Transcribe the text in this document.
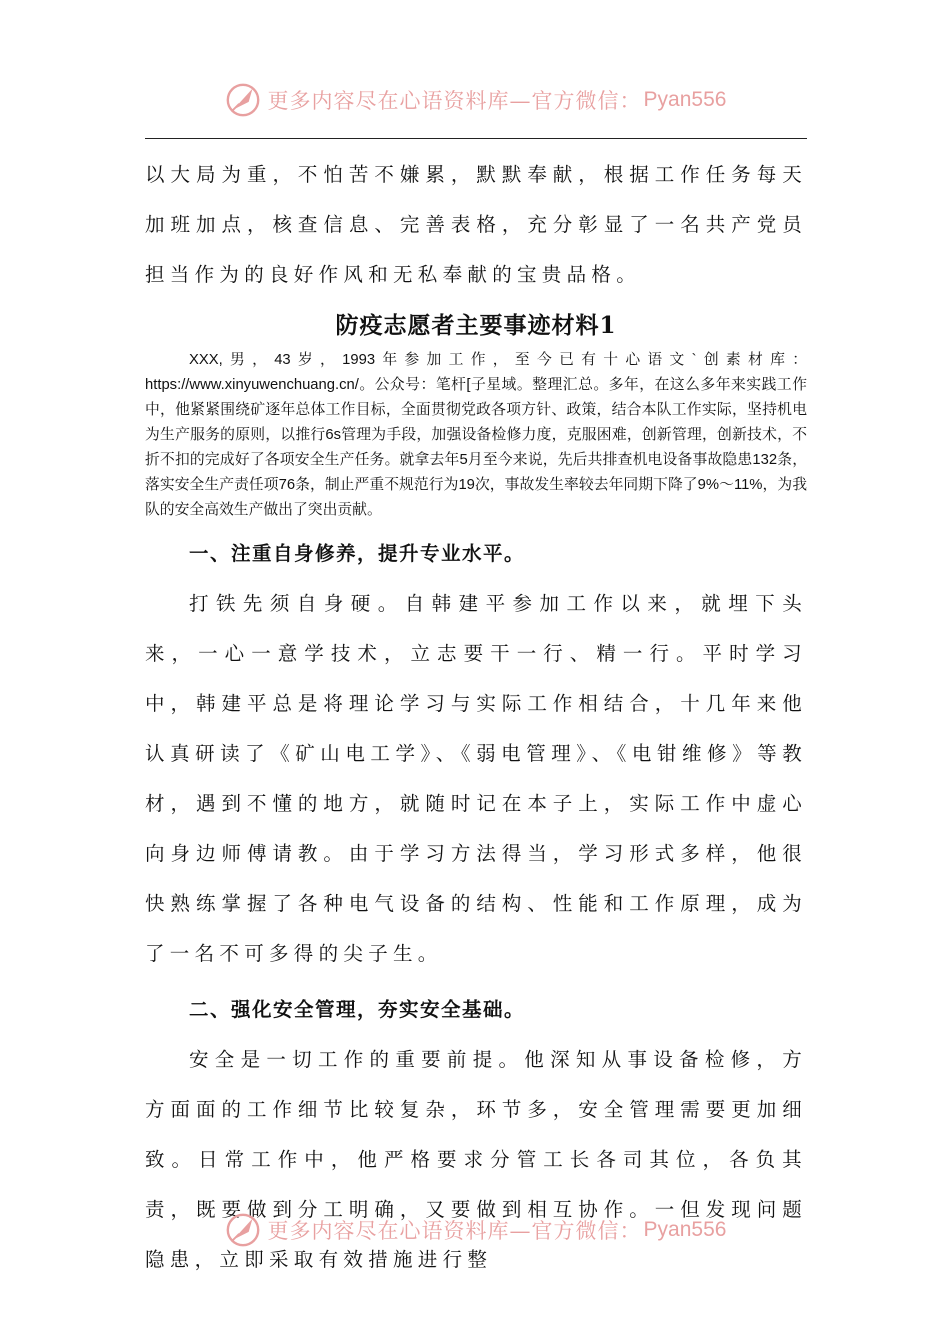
更多内容尽在心语资料库—官方微信： Pyan556

以大局为重，不怕苦不嫌累，默默奉献，根据工作任务每天加班加点，核查信息、完善表格，充分彰显了一名共产党员担当作为的良好作风和无私奉献的宝贵品格。

防疫志愿者主要事迹材料1

XXX,男，43岁，1993年参加工作，至今已有十心语文`创素材库：https://www.xinyuwenchuang.cn/。公众号：笔杆[子星域。整理汇总。多年，在这么多年来实践工作中，他紧紧围绕矿逐年总体工作目标，全面贯彻党政各项方针、政策，结合本队工作实际，坚持机电为生产服务的原则，以推行6s管理为手段，加强设备检修力度，克服困难，创新管理，创新技术，不折不扣的完成好了各项安全生产任务。就拿去年5月至今来说，先后共排查机电设备事故隐患132条，落实安全生产责任项76条，制止严重不规范行为19次，事故发生率较去年同期下降了9%～11%，为我队的安全高效生产做出了突出贡献。

一、注重自身修养，提升专业水平。

打铁先须自身硬。自韩建平参加工作以来，就埋下头来，一心一意学技术，立志要干一行、精一行。平时学习中，韩建平总是将理论学习与实际工作相结合，十几年来他认真研读了《矿山电工学》、《弱电管理》、《电钳维修》等教材，遇到不懂的地方，就随时记在本子上，实际工作中虚心向身边师傅请教。由于学习方法得当，学习形式多样，他很快熟练掌握了各种电气设备的结构、性能和工作原理，成为了一名不可多得的尖子生。

二、强化安全管理，夯实安全基础。

安全是一切工作的重要前提。他深知从事设备检修，方方面面的工作细节比较复杂，环节多，安全管理需要更加细致。日常工作中，他严格要求分管工长各司其位，各负其责，既要做到分工明确，又要做到相互协作。一但发现问题隐患，立即采取有效措施进行整

更多内容尽在心语资料库—官方微信： Pyan556
